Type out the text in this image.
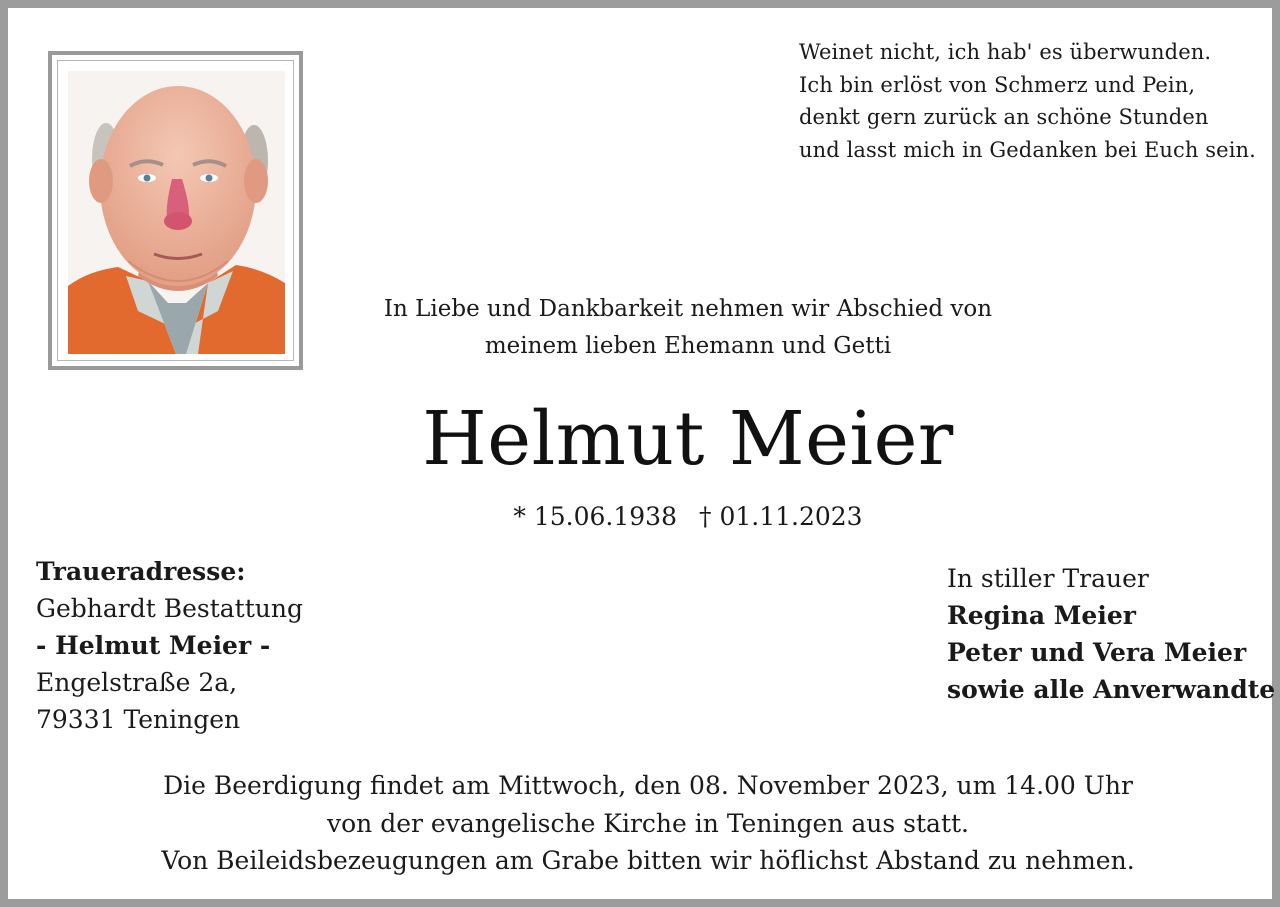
Weinet nicht, ich hab' es überwunden.
Ich bin erlöst von Schmerz und Pein,
denkt gern zurück an schöne Stunden
und lasst mich in Gedanken bei Euch sein.
In Liebe und Dankbarkeit nehmen wir Abschied von
meinem lieben Ehemann und Getti
Helmut Meier
* 15.06.1938 † 01.11.2023
Traueradresse:
Gebhardt Bestattung
- Helmut Meier -
Engelstraße 2a,
79331 Teningen
In stiller Trauer
Regina Meier
Peter und Vera Meier
sowie alle Anverwandte
Die Beerdigung findet am Mittwoch, den 08. November 2023, um 14.00 Uhr
von der evangelische Kirche in Teningen aus statt.
Von Beileidsbezeugungen am Grabe bitten wir höflichst Abstand zu nehmen.
